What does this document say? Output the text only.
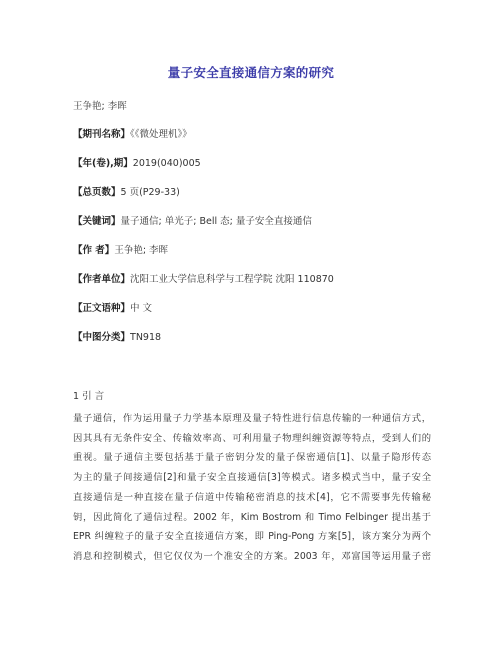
量子安全直接通信方案的研究
王争艳; 李晖
【期刊名称】《《微处理机》》
【年(卷),期】2019(040)005
【总页数】5 页(P29-33)
【关键词】量子通信; 单光子; Bell 态; 量子安全直接通信
【作 者】王争艳; 李晖
【作者单位】沈阳工业大学信息科学与工程学院 沈阳 110870
【正文语种】中 文
【中图分类】TN918
1 引 言
量子通信，作为运用量子力学基本原理及量子特性进行信息传输的一种通信方式，
因其具有无条件安全、传输效率高、可利用量子物理纠缠资源等特点，受到人们的
重视。量子通信主要包括基于量子密钥分发的量子保密通信[1]、以量子隐形传态
为主的量子间接通信[2]和量子安全直接通信[3]等模式。诸多模式当中，量子安全
直接通信是一种直接在量子信道中传输秘密消息的技术[4]，它不需要事先传输秘
钥，因此简化了通信过程。2002 年，Kim Bostrom 和 Timo Felbinger 提出基于
EPR 纠缠粒子的量子安全直接通信方案，即 Ping-Pong 方案[5]，该方案分为两个
消息和控制模式，但它仅仅为一个准安全的方案。2003 年，邓富国等运用量子密
